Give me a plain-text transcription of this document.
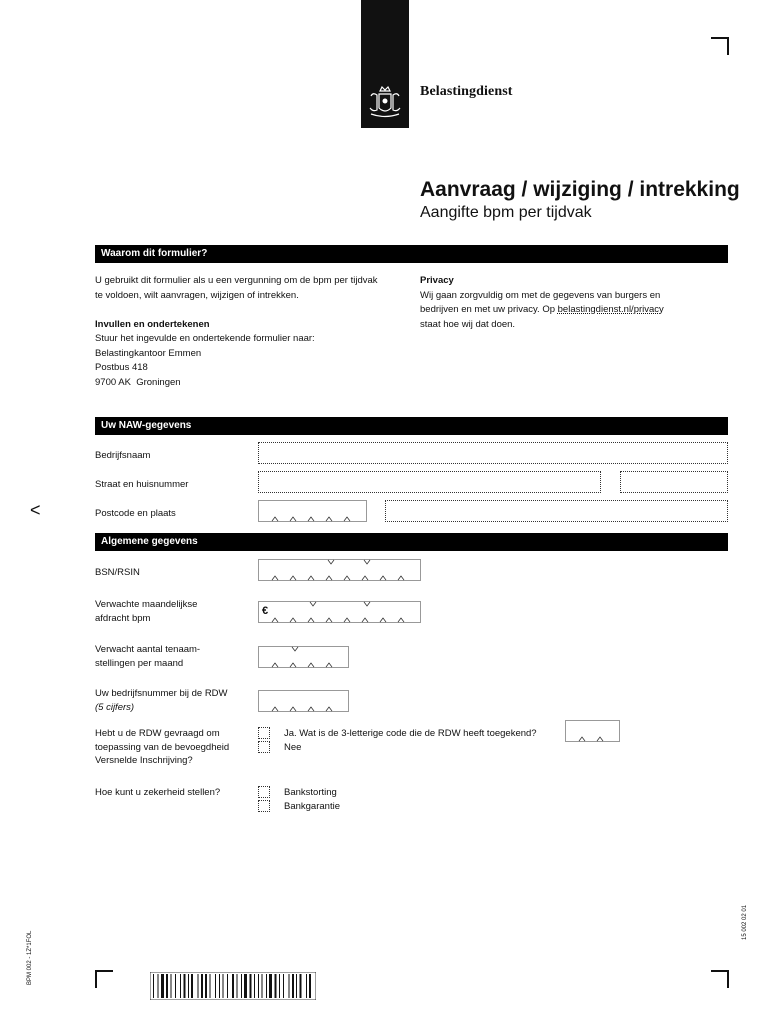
Belastingdienst
Aanvraag / wijziging / intrekking
Aangifte bpm per tijdvak
Waarom dit formulier?
U gebruikt dit formulier als u een vergunning om de bpm per tijdvak
te voldoen, wilt aanvragen, wijzigen of intrekken.
Invullen en ondertekenen
Stuur het ingevulde en ondertekende formulier naar:
Belastingkantoor Emmen
Postbus 418
9700 AK  Groningen
Privacy
Wij gaan zorgvuldig om met de gegevens van burgers en
bedrijven en met uw privacy. Op belastingdienst.nl/privacy
staat hoe wij dat doen.
Uw NAW-gegevens
Bedrijfsnaam
Straat en huisnummer
<	Postcode en plaats
Algemene gegevens
BSN/RSIN
Verwachte maandelijkse
afdracht bpm
€
Verwacht aantal tenaam-
stellingen per maand
Uw bedrijfsnummer bij de RDW
(5 cijfers)
Hebt u de RDW gevraagd om
toepassing van de bevoegdheid
Versnelde Inschrijving?
Ja. Wat is de 3-letterige code die de RDW heeft toegekend?
Nee
Hoe kunt u zekerheid stellen?	Bankstorting
Bankgarantie
BPM 002 - 1Z*1FOL
15 002 02 01
